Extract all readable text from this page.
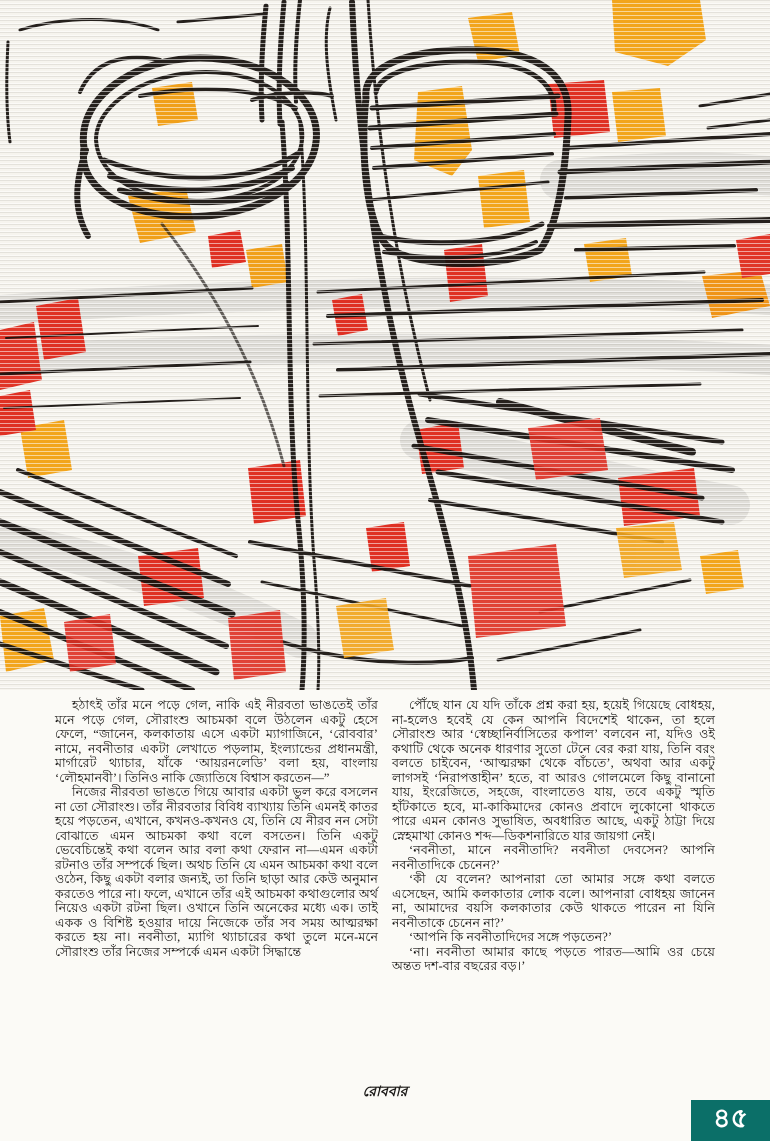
হঠাৎই তাঁর মনে পড়ে গেল, নাকি এই নীরবতা ভাঙতেই তাঁর মনে পড়ে গেল, সৌরাংশু আচমকা বলে উঠলেন একটু হেসে ফেলে, “জানেন, কলকাতায় এসে একটা ম্যাগাজিনে, ‘রোববার’ নামে, নবনীতার একটা লেখাতে পড়লাম, ইংল্যান্ডের প্রধানমন্ত্রী, মার্গারেট থ্যাচার, যাঁকে ‘আয়রনলেডি’ বলা হয়, বাংলায় ‘লৌহমানবী’। তিনিও নাকি জ্যোতিষে বিশ্বাস করতেন—”

নিজের নীরবতা ভাঙতে গিয়ে আবার একটা ভুল করে বসলেন না তো সৌরাংশু। তাঁর নীরবতার বিবিধ ব্যাখ্যায় তিনি এমনই কাতর হয়ে পড়তেন, এখানে, কখনও-কখনও যে, তিনি যে নীরব নন সেটা বোঝাতে এমন আচমকা কথা বলে বসতেন। তিনি একটু ভেবেচিন্তেই কথা বলেন আর বলা কথা ফেরান না—এমন একটা রটনাও তাঁর সম্পর্কে ছিল। অথচ তিনি যে এমন আচমকা কথা বলে ওঠেন, কিছু একটা বলার জন্যই, তা তিনি ছাড়া আর কেউ অনুমান করতেও পারে না। ফলে, এখানে তাঁর এই আচমকা কথাগুলোর অর্থ নিয়েও একটা রটনা ছিল। ওখানে তিনি অনেকের মধ্যে এক। তাই একক ও বিশিষ্ট হওয়ার দায়ে নিজেকে তাঁর সব সময় আত্মরক্ষা করতে হয় না। নবনীতা, ম্যাগি থ্যাচারের কথা তুলে মনে-মনে সৌরাংশু তাঁর নিজের সম্পর্কে এমন একটা সিদ্ধান্তে

পৌঁছে যান যে যদি তাঁকে প্রশ্ন করা হয়, হয়েই গিয়েছে বোধহয়, না-হলেও হবেই যে কেন আপনি বিদেশেই থাকেন, তা হলে সৌরাংশু আর ‘স্বেচ্ছানির্বাসিতের কপাল’ বলবেন না, যদিও ওই কথাটি থেকে অনেক ধারণার সুতো টেনে বের করা যায়, তিনি বরং বলতে চাইবেন, ‘আত্মরক্ষা থেকে বাঁচতে’, অথবা আর একটু লাগসই ‘নিরাপত্তাহীন’ হতে, বা আরও গোলমেলে কিছু বানানো যায়, ইংরেজিতে, সহজে, বাংলাতেও যায়, তবে একটু স্মৃতি হাঁটকাতে হবে, মা-কাকিমাদের কোনও প্রবাদে লুকোনো থাকতে পারে এমন কোনও সুভাষিত, অবধারিত আছে, একটু ঠাট্টা দিয়ে স্নেহমাখা কোনও শব্দ—ডিকশনারিতে যার জায়গা নেই।

‘নবনীতা, মানে নবনীতাদি? নবনীতা দেবসেন? আপনি নবনীতাদিকে চেনেন?’

‘কী যে বলেন? আপনারা তো আমার সঙ্গে কথা বলতে এসেছেন, আমি কলকাতার লোক বলে। আপনারা বোধহয় জানেন না, আমাদের বয়সি কলকাতার কেউ থাকতে পারেন না যিনি নবনীতাকে চেনেন না?’

‘আপনি কি নবনীতাদিদের সঙ্গে পড়তেন?’

‘না। নবনীতা আমার কাছে পড়তে পারত—আমি ওর চেয়ে অন্তত দশ-বার বছরের বড়।’

রোববার
৪৫
